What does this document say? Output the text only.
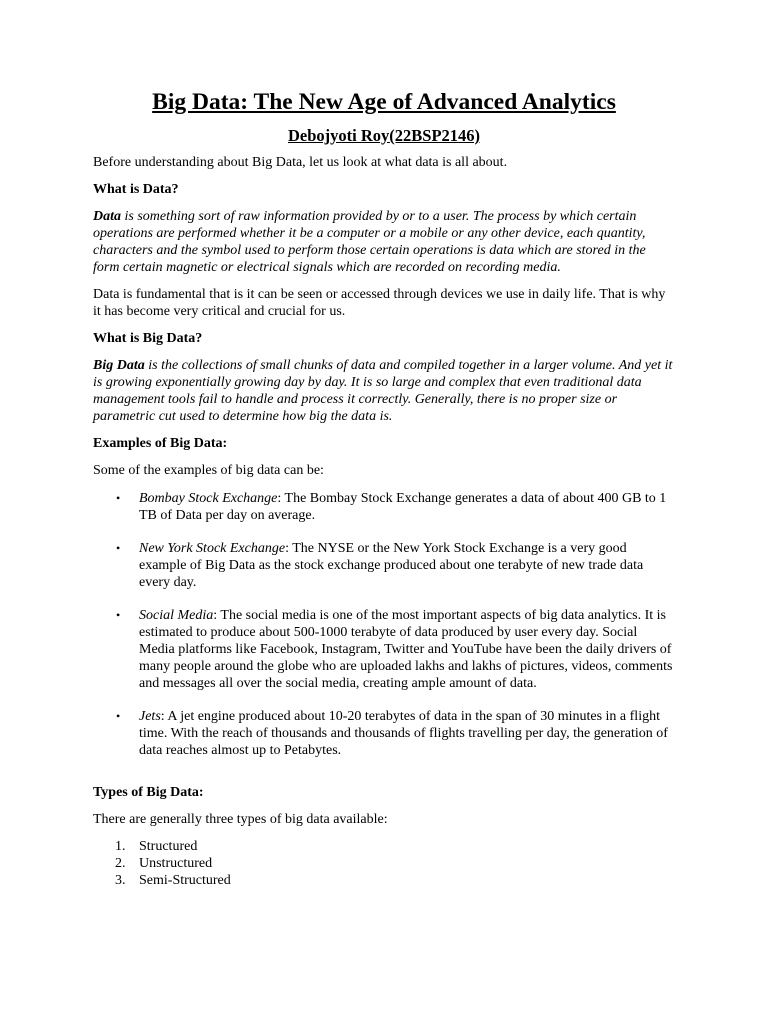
Big Data: The New Age of Advanced Analytics
Debojyoti Roy(22BSP2146)

Before understanding about Big Data, let us look at what data is all about.

What is Data?

Data is something sort of raw information provided by or to a user. The process by which certain operations are performed whether it be a computer or a mobile or any other device, each quantity, characters and the symbol used to perform those certain operations is data which are stored in the form certain magnetic or electrical signals which are recorded on recording media.

Data is fundamental that is it can be seen or accessed through devices we use in daily life. That is why it has become very critical and crucial for us.

What is Big Data?

Big Data is the collections of small chunks of data and compiled together in a larger volume. And yet it is growing exponentially growing day by day. It is so large and complex that even traditional data management tools fail to handle and process it correctly. Generally, there is no proper size or parametric cut used to determine how big the data is.

Examples of Big Data:

Some of the examples of big data can be:

• Bombay Stock Exchange: The Bombay Stock Exchange generates a data of about 400 GB to 1 TB of Data per day on average.
• New York Stock Exchange: The NYSE or the New York Stock Exchange is a very good example of Big Data as the stock exchange produced about one terabyte of new trade data every day.
• Social Media: The social media is one of the most important aspects of big data analytics. It is estimated to produce about 500-1000 terabyte of data produced by user every day. Social Media platforms like Facebook, Instagram, Twitter and YouTube have been the daily drivers of many people around the globe who are uploaded lakhs and lakhs of pictures, videos, comments and messages all over the social media, creating ample amount of data.
• Jets: A jet engine produced about 10-20 terabytes of data in the span of 30 minutes in a flight time. With the reach of thousands and thousands of flights travelling per day, the generation of data reaches almost up to Petabytes.

Types of Big Data:

There are generally three types of big data available:

1. Structured
2. Unstructured
3. Semi-Structured
